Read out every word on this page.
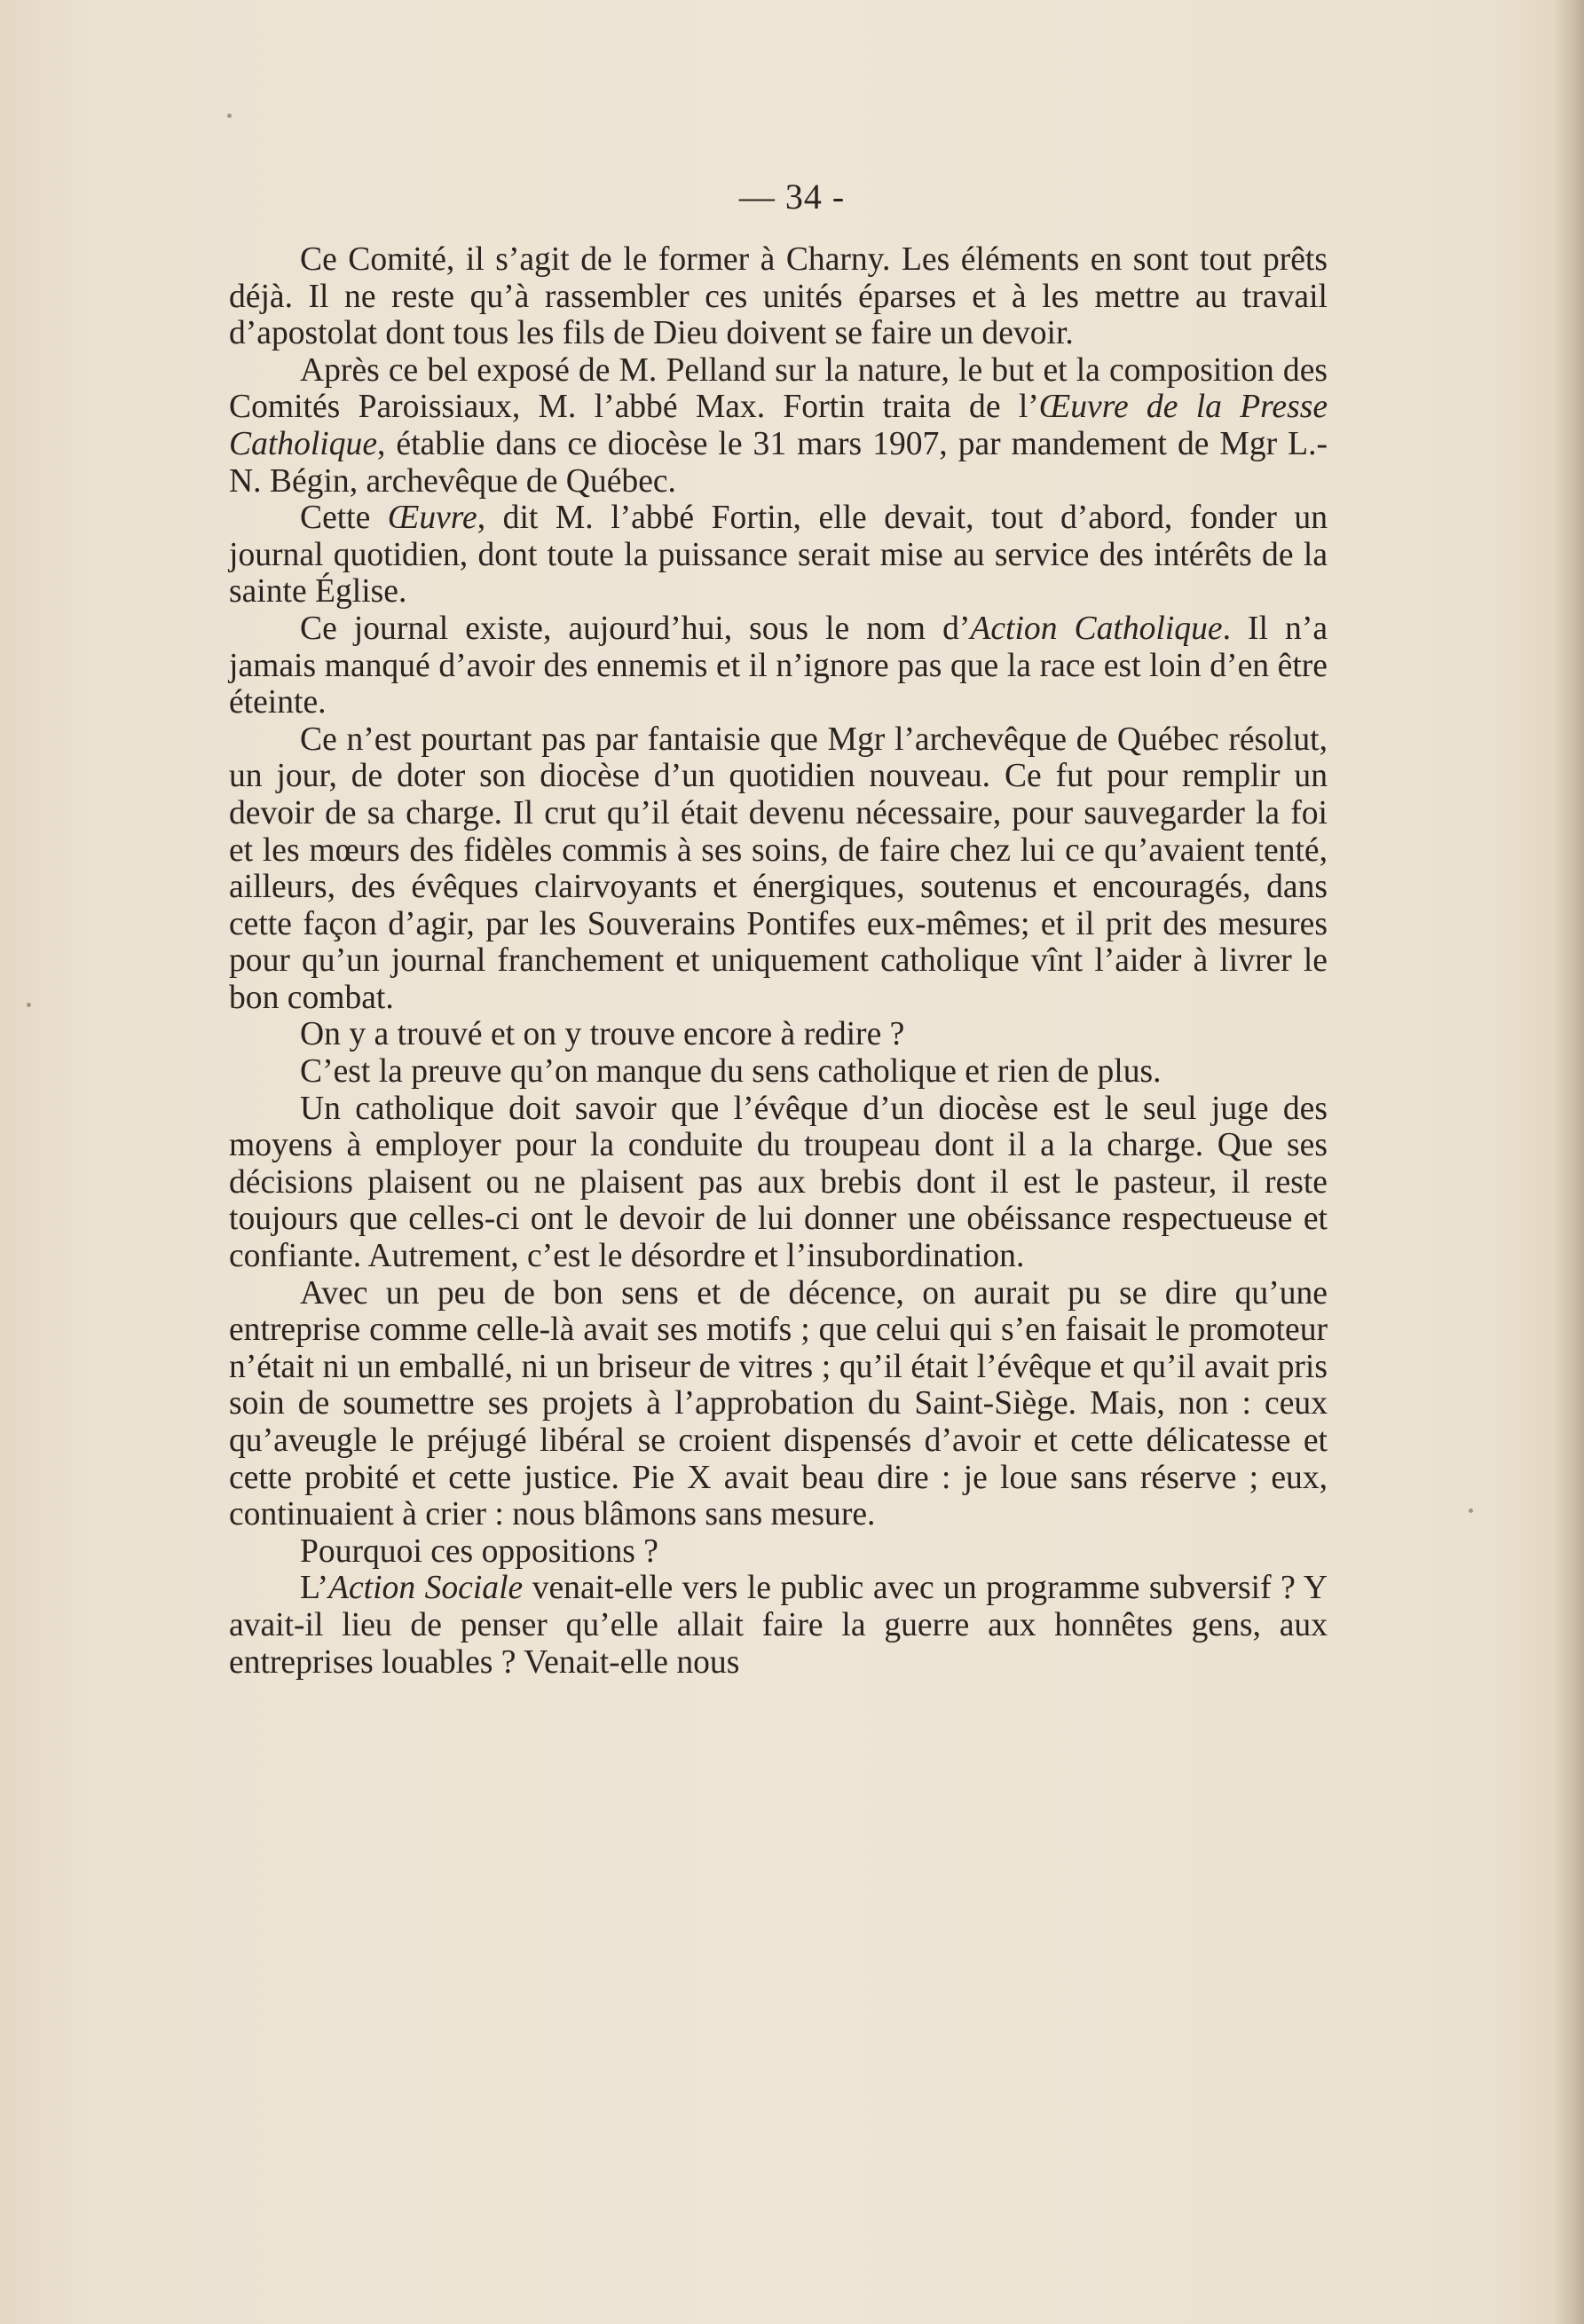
— 34 -

Ce Comité, il s’agit de le former à Charny. Les éléments en sont tout prêts déjà. Il ne reste qu’à rassembler ces unités éparses et à les mettre au travail d’apostolat dont tous les fils de Dieu doivent se faire un devoir.

Après ce bel exposé de M. Pelland sur la nature, le but et la composition des Comités Paroissiaux, M. l’abbé Max. Fortin traita de l’Œuvre de la Presse Catholique, établie dans ce diocèse le 31 mars 1907, par mandement de Mgr L.-N. Bégin, archevêque de Québec.

Cette Œuvre, dit M. l’abbé Fortin, elle devait, tout d’abord, fonder un journal quotidien, dont toute la puissance serait mise au service des intérêts de la sainte Église.

Ce journal existe, aujourd’hui, sous le nom d’Action Catholique. Il n’a jamais manqué d’avoir des ennemis et il n’ignore pas que la race est loin d’en être éteinte.

Ce n’est pourtant pas par fantaisie que Mgr l’archevêque de Québec résolut, un jour, de doter son diocèse d’un quotidien nouveau. Ce fut pour remplir un devoir de sa charge. Il crut qu’il était devenu nécessaire, pour sauvegarder la foi et les mœurs des fidèles commis à ses soins, de faire chez lui ce qu’avaient tenté, ailleurs, des évêques clairvoyants et énergiques, soutenus et encouragés, dans cette façon d’agir, par les Souverains Pontifes eux-mêmes; et il prit des mesures pour qu’un journal franchement et uniquement catholique vînt l’aider à livrer le bon combat.

On y a trouvé et on y trouve encore à redire ?

C’est la preuve qu’on manque du sens catholique et rien de plus.

Un catholique doit savoir que l’évêque d’un diocèse est le seul juge des moyens à employer pour la conduite du troupeau dont il a la charge. Que ses décisions plaisent ou ne plaisent pas aux brebis dont il est le pasteur, il reste toujours que celles-ci ont le devoir de lui donner une obéissance respectueuse et confiante. Autrement, c’est le désordre et l’insubordination.

Avec un peu de bon sens et de décence, on aurait pu se dire qu’une entreprise comme celle-là avait ses motifs ; que celui qui s’en faisait le promoteur n’était ni un emballé, ni un briseur de vitres ; qu’il était l’évêque et qu’il avait pris soin de soumettre ses projets à l’approbation du Saint-Siège. Mais, non : ceux qu’aveugle le préjugé libéral se croient dispensés d’avoir et cette délicatesse et cette probité et cette justice. Pie X avait beau dire : je loue sans réserve ; eux, continuaient à crier : nous blâmons sans mesure.

Pourquoi ces oppositions ?

L’Action Sociale venait-elle vers le public avec un programme subversif ? Y avait-il lieu de penser qu’elle allait faire la guerre aux honnêtes gens, aux entreprises louables ? Venait-elle nous
